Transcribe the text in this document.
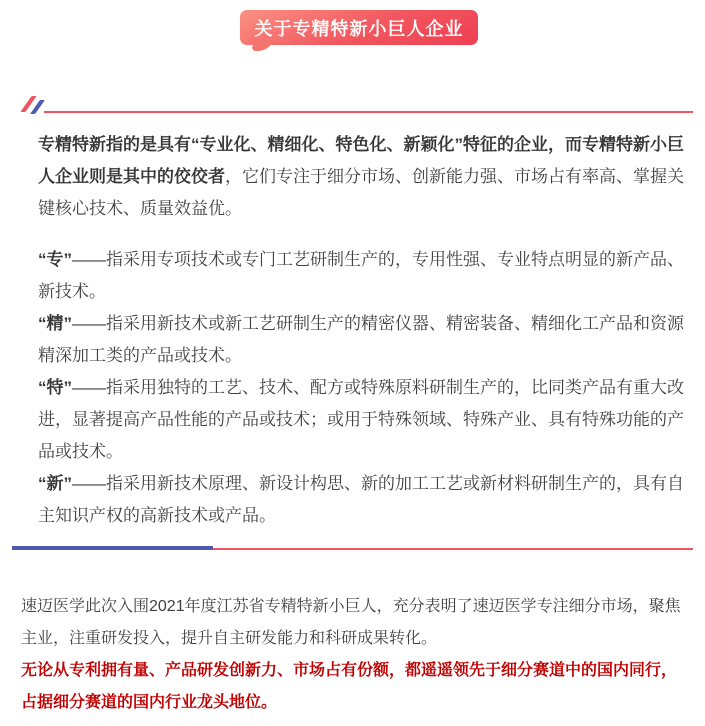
关于专精特新小巨人企业

专精特新指的是具有“专业化、精细化、特色化、新颖化”特征的企业，而专精特新小巨人企业则是其中的佼佼者，它们专注于细分市场、创新能力强、市场占有率高、掌握关键核心技术、质量效益优。

“专”——指采用专项技术或专门工艺研制生产的，专用性强、专业特点明显的新产品、新技术。

“精”——指采用新技术或新工艺研制生产的精密仪器、精密装备、精细化工产品和资源精深加工类的产品或技术。

“特”——指采用独特的工艺、技术、配方或特殊原料研制生产的，比同类产品有重大改进，显著提高产品性能的产品或技术；或用于特殊领域、特殊产业、具有特殊功能的产品或技术。

“新”——指采用新技术原理、新设计构思、新的加工工艺或新材料研制生产的，具有自主知识产权的高新技术或产品。

速迈医学此次入围2021年度江苏省专精特新小巨人，充分表明了速迈医学专注细分市场，聚焦主业，注重研发投入，提升自主研发能力和科研成果转化。

无论从专利拥有量、产品研发创新力、市场占有份额，都遥遥领先于细分赛道中的国内同行，占据细分赛道的国内行业龙头地位。
